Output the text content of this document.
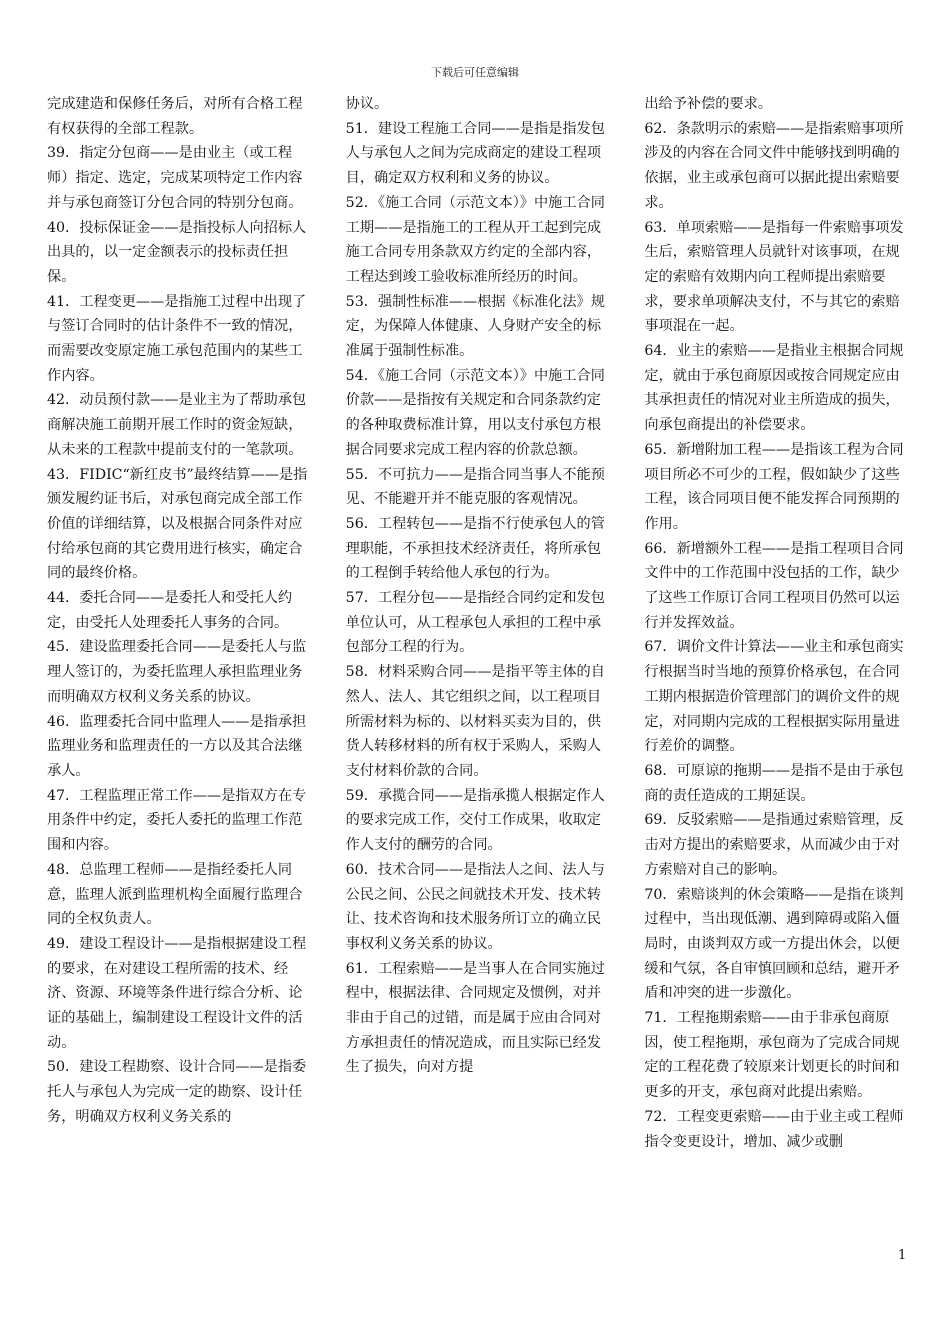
下载后可任意编辑

完成建造和保修任务后，对所有合格工程有权获得的全部工程款。

39．指定分包商——是由业主（或工程师）指定、选定，完成某项特定工作内容并与承包商签订分包合同的特别分包商。

40．投标保证金——是指投标人向招标人出具的，以一定金额表示的投标责任担保。

41．工程变更——是指施工过程中出现了与签订合同时的估计条件不一致的情况，而需要改变原定施工承包范围内的某些工作内容。

42．动员预付款——是业主为了帮助承包商解决施工前期开展工作时的资金短缺，从未来的工程款中提前支付的一笔款项。

43．FIDIC“新红皮书”最终结算——是指颁发履约证书后，对承包商完成全部工作价值的详细结算，以及根据合同条件对应付给承包商的其它费用进行核实，确定合同的最终价格。

44．委托合同——是委托人和受托人约定，由受托人处理委托人事务的合同。

45．建设监理委托合同——是委托人与监理人签订的，为委托监理人承担监理业务而明确双方权利义务关系的协议。

46．监理委托合同中监理人——是指承担监理业务和监理责任的一方以及其合法继承人。

47．工程监理正常工作——是指双方在专用条件中约定，委托人委托的监理工作范围和内容。

48．总监理工程师——是指经委托人同意，监理人派到监理机构全面履行监理合同的全权负责人。

49．建设工程设计——是指根据建设工程的要求，在对建设工程所需的技术、经济、资源、环境等条件进行综合分析、论证的基础上，编制建设工程设计文件的活动。

50．建设工程勘察、设计合同——是指委托人与承包人为完成一定的勘察、设计任务，明确双方权利义务关系的

协议。

51．建设工程施工合同——是指是指发包人与承包人之间为完成商定的建设工程项目，确定双方权利和义务的协议。

52．《施工合同（示范文本）》中施工合同工期——是指施工的工程从开工起到完成施工合同专用条款双方约定的全部内容，工程达到竣工验收标准所经历的时间。

53．强制性标准——根据《标准化法》规定，为保障人体健康、人身财产安全的标准属于强制性标准。

54．《施工合同（示范文本）》中施工合同价款——是指按有关规定和合同条款约定的各种取费标准计算，用以支付承包方根据合同要求完成工程内容的价款总额。

55．不可抗力——是指合同当事人不能预见、不能避开并不能克服的客观情况。

56．工程转包——是指不行使承包人的管理职能，不承担技术经济责任，将所承包的工程倒手转给他人承包的行为。

57．工程分包——是指经合同约定和发包单位认可，从工程承包人承担的工程中承包部分工程的行为。

58．材料采购合同——是指平等主体的自然人、法人、其它组织之间，以工程项目所需材料为标的、以材料买卖为目的，供货人转移材料的所有权于采购人，采购人支付材料价款的合同。

59．承揽合同——是指承揽人根据定作人的要求完成工作，交付工作成果，收取定作人支付的酬劳的合同。

60．技术合同——是指法人之间、法人与公民之间、公民之间就技术开发、技术转让、技术咨询和技术服务所订立的确立民事权利义务关系的协议。

61．工程索赔——是当事人在合同实施过程中，根据法律、合同规定及惯例，对并非由于自己的过错，而是属于应由合同对方承担责任的情况造成，而且实际已经发生了损失，向对方提

出给予补偿的要求。

62．条款明示的索赔——是指索赔事项所涉及的内容在合同文件中能够找到明确的依据，业主或承包商可以据此提出索赔要求。

63．单项索赔——是指每一件索赔事项发生后，索赔管理人员就针对该事项，在规定的索赔有效期内向工程师提出索赔要求，要求单项解决支付，不与其它的索赔事项混在一起。

64．业主的索赔——是指业主根据合同规定，就由于承包商原因或按合同规定应由其承担责任的情况对业主所造成的损失，向承包商提出的补偿要求。

65．新增附加工程——是指该工程为合同项目所必不可少的工程，假如缺少了这些工程，该合同项目便不能发挥合同预期的作用。

66．新增额外工程——是指工程项目合同文件中的工作范围中没包括的工作，缺少了这些工作原订合同工程项目仍然可以运行并发挥效益。

67．调价文件计算法——业主和承包商实行根据当时当地的预算价格承包，在合同工期内根据造价管理部门的调价文件的规定，对同期内完成的工程根据实际用量进行差价的调整。

68．可原谅的拖期——是指不是由于承包商的责任造成的工期延误。

69．反驳索赔——是指通过索赔管理，反击对方提出的索赔要求，从而减少由于对方索赔对自己的影响。

70．索赔谈判的休会策略——是指在谈判过程中，当出现低潮、遇到障碍或陷入僵局时，由谈判双方或一方提出休会，以便缓和气氛，各自审慎回顾和总结，避开矛盾和冲突的进一步激化。

71．工程拖期索赔——由于非承包商原因，使工程拖期，承包商为了完成合同规定的工程花费了较原来计划更长的时间和更多的开支，承包商对此提出索赔。

72．工程变更索赔——由于业主或工程师指令变更设计，增加、减少或删

1
